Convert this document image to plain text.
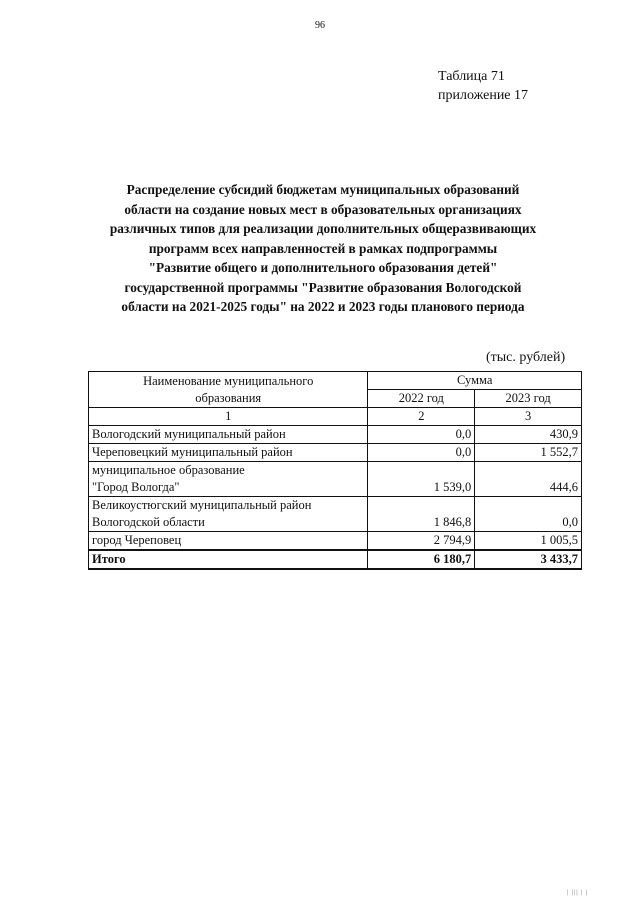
96
Таблица 71
приложение 17
Распределение субсидий бюджетам муниципальных образований
области на создание новых мест в образовательных организациях
различных типов для реализации дополнительных общеразвивающих
программ всех направленностей в рамках подпрограммы
"Развитие общего и дополнительного образования детей"
государственной программы "Развитие образования Вологодской
области на 2021-2025 годы" на 2022 и 2023 годы планового периода
(тыс. рублей)
Наименование муниципального
образования	Сумма	
	2022 год	2023 год
1	2	3

Вологодский муниципальный район	0,0	430,9

Череповецкий муниципальный район	0,0	1 552,7

муниципальное образование
"Город Вологда"	1 539,0	444,6

Великоустюгский муниципальный район
Вологодской области	1 846,8	0,0

город Череповец	2 794,9	1 005,5
Итого	6 180,7	3 433,7
| ||| | |
